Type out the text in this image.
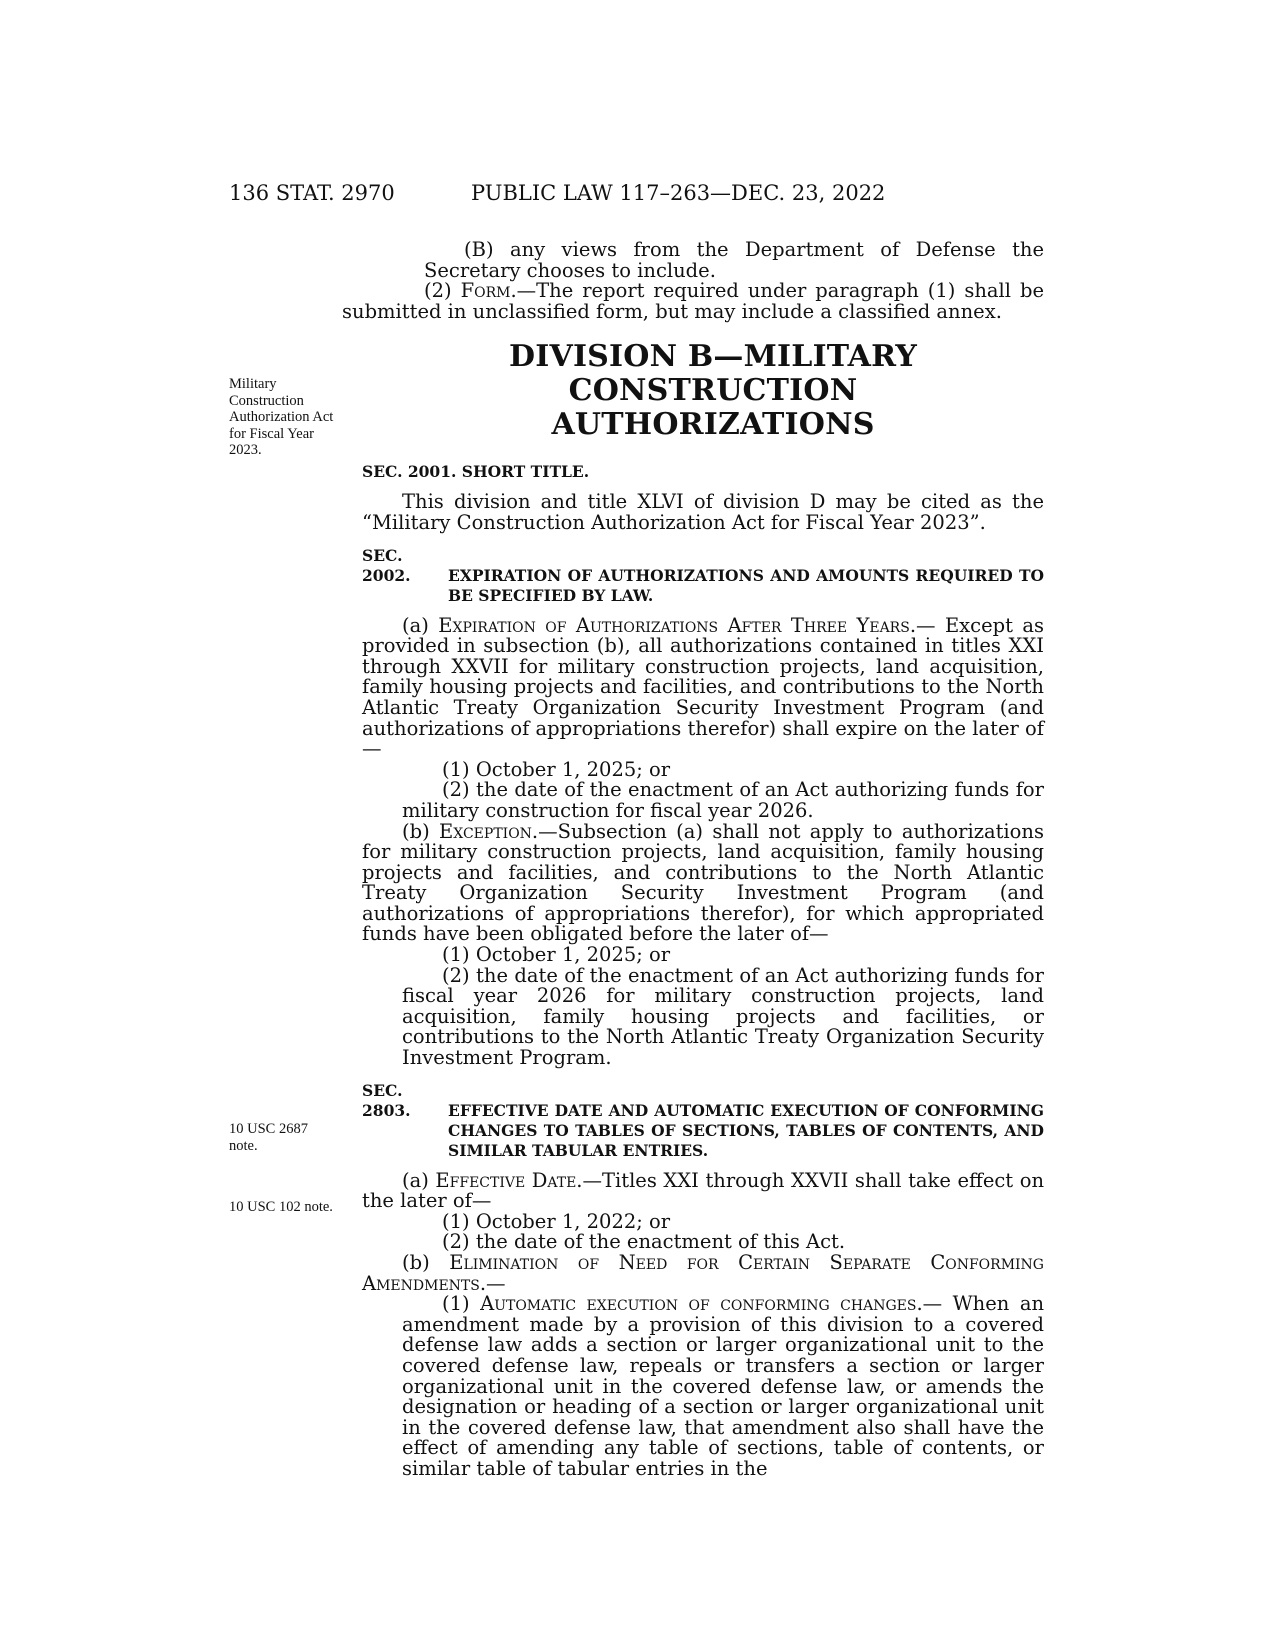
136 STAT. 2970	PUBLIC LAW 117–263—DEC. 23, 2022
Military Construction Authorization Act for Fiscal Year 2023.
10 USC 2687 note.
10 USC 102 note.

(B) any views from the Department of Defense the Secretary chooses to include.

(2) Form.—The report required under paragraph (1) shall be submitted in unclassified form, but may include a classified annex.

DIVISION B—MILITARY CONSTRUCTION
AUTHORIZATIONS
SEC. 2001. SHORT TITLE.

This division and title XLVI of division D may be cited as the “Military Construction Authorization Act for Fiscal Year 2023”.

SEC. 2002. EXPIRATION OF AUTHORIZATIONS AND AMOUNTS REQUIRED TO BE SPECIFIED BY LAW.

(a) Expiration of Authorizations After Three Years.— Except as provided in subsection (b), all authorizations contained in titles XXI through XXVII for military construction projects, land acquisition, family housing projects and facilities, and contributions to the North Atlantic Treaty Organization Security Investment Program (and authorizations of appropriations therefor) shall expire on the later of—

(1) October 1, 2025; or

(2) the date of the enactment of an Act authorizing funds for military construction for fiscal year 2026.

(b) Exception.—Subsection (a) shall not apply to authorizations for military construction projects, land acquisition, family housing projects and facilities, and contributions to the North Atlantic Treaty Organization Security Investment Program (and authorizations of appropriations therefor), for which appropriated funds have been obligated before the later of—

(1) October 1, 2025; or

(2) the date of the enactment of an Act authorizing funds for fiscal year 2026 for military construction projects, land acquisition, family housing projects and facilities, or contributions to the North Atlantic Treaty Organization Security Investment Program.

SEC. 2803. EFFECTIVE DATE AND AUTOMATIC EXECUTION OF CONFORMING CHANGES TO TABLES OF SECTIONS, TABLES OF CONTENTS, AND SIMILAR TABULAR ENTRIES.

(a) Effective Date.—Titles XXI through XXVII shall take effect on the later of—

(1) October 1, 2022; or

(2) the date of the enactment of this Act.

(b) Elimination of Need for Certain Separate Conforming Amendments.—

(1) Automatic execution of conforming changes.— When an amendment made by a provision of this division to a covered defense law adds a section or larger organizational unit to the covered defense law, repeals or transfers a section or larger organizational unit in the covered defense law, or amends the designation or heading of a section or larger organizational unit in the covered defense law, that amendment also shall have the effect of amending any table of sections, table of contents, or similar table of tabular entries in the
